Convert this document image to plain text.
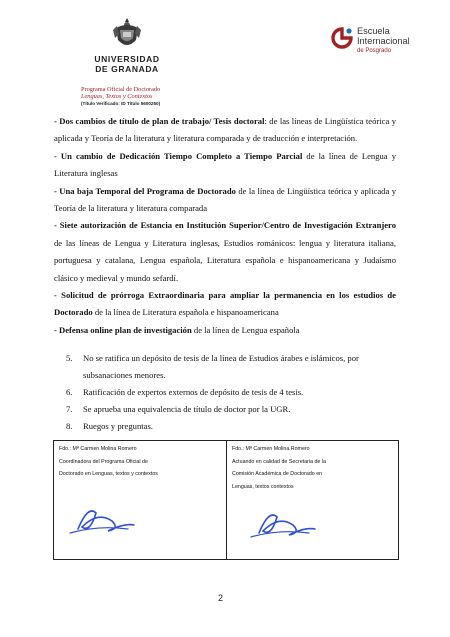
UNIVERSIDAD
DE GRANADA
Programa Oficial de Doctorado
Lenguas, Textos y Contextos
(Título Verificado: ID Título 5600250)
Escuela
Internacional
de Posgrado

- Dos cambios de título de plan de trabajo/ Tesis doctoral: de las líneas de Lingüística teórica y aplicada y Teoría de la literatura y literatura comparada y de traducción e interpretación.

- Un cambio de Dedicación Tiempo Completo a Tiempo Parcial de la línea de Lengua y Literatura inglesas

- Una baja Temporal del Programa de Doctorado de la línea de Lingüística teórica y aplicada y Teoría de la literatura y literatura comparada

- Siete autorización de Estancia en Institución Superior/Centro de Investigación Extranjero de las líneas de Lengua y Literatura inglesas, Estudios románicos: lengua y literatura italiana, portuguesa y catalana, Lengua española, Literatura española e hispanoamericana y Judaísmo clásico y medieval y mundo sefardí.

- Solicitud de prórroga Extraordinaria para ampliar la permanencia en los estudios de Doctorado de la línea de Literatura española e hispanoamericana

- Defensa online plan de investigación de la línea de Lengua española

5.	No se ratifica un depósito de tesis de la línea de Estudios árabes e islámicos, por subsanaciones menores.
6.	Ratificación de expertos externos de depósito de tesis de 4 tesis.
7.	Se aprueba una equivalencia de título de doctor por la UGR.
8.	Ruegos y preguntas.
Fdo.: Mª Carmen Molina Romero
Coordinadora del Programa Oficial de
Doctorado en Lenguas, textos y contextos
Fdo.: Mª Carmen Molina Romero
Actuando en calidad de Secretaria de la
Comisión Académica de Doctorado en
Lenguas, textos contextos
2
